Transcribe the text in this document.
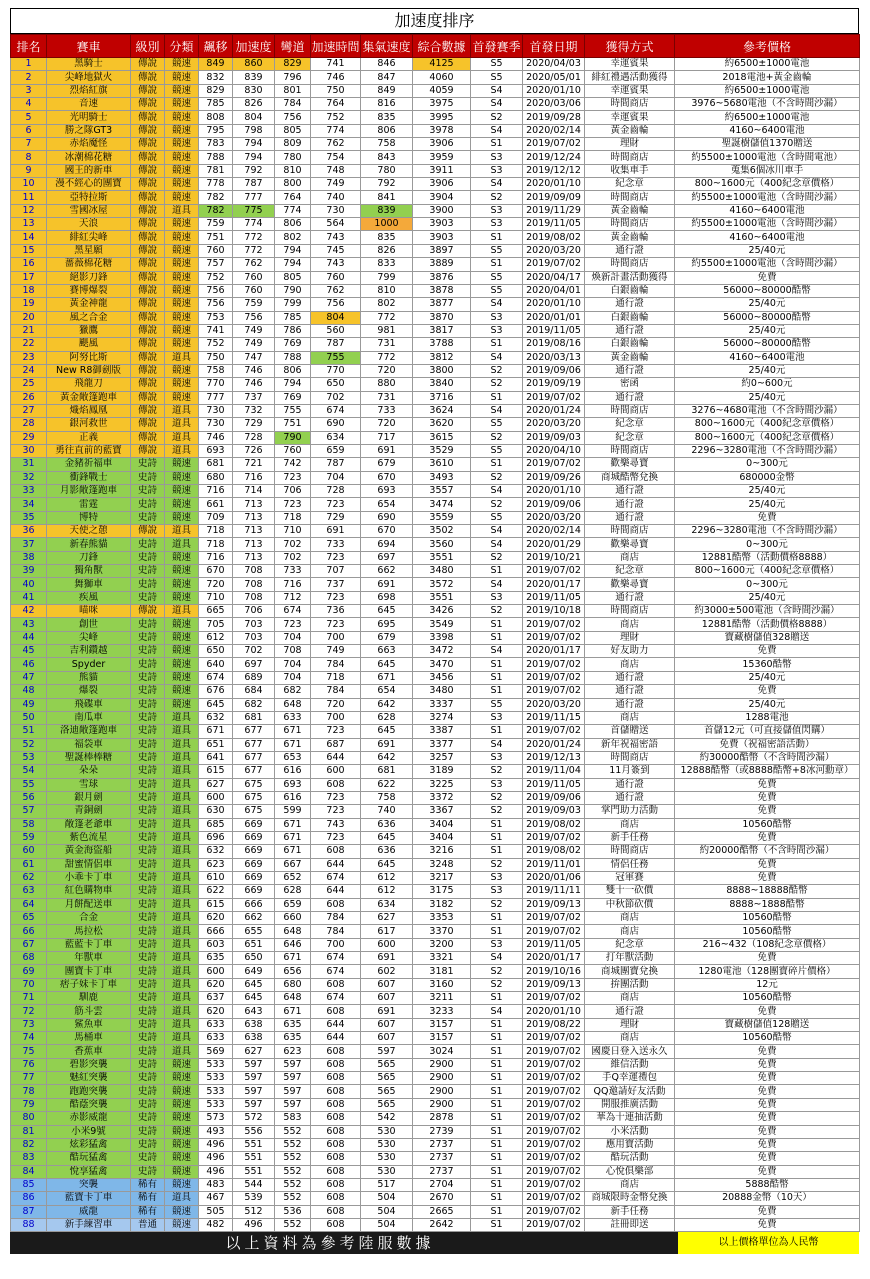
加速度排序
排名	賽車	級別	分類	飆移	加速度	彎道	加速時間	集氣速度	綜合數據	首發賽季	首發日期	獲得方式	參考價格
1	黑騎士	傳說	競速	849	860	829	741	846	4125	S5	2020/04/03	幸運賓果	約6500±1000電池
2	尖峰地獄火	傳說	競速	832	839	796	746	847	4060	S5	2020/05/01	緋紅禮遇活動獲得	2018電池+黃金齒輪
3	烈焰紅旗	傳說	競速	829	830	801	750	849	4059	S4	2020/01/10	幸運賓果	約6500±1000電池
4	音速	傳說	競速	785	826	784	764	816	3975	S4	2020/03/06	時間商店	3976~5680電池（不含時間沙漏）
5	光明騎士	傳說	競速	808	804	756	752	835	3995	S2	2019/09/28	幸運賓果	約6500±1000電池
6	勝之隊GT3	傳說	競速	795	798	805	774	806	3978	S4	2020/02/14	黃金齒輪	4160~6400電池
7	赤焰魔怪	傳說	競速	783	794	809	762	758	3906	S1	2019/07/02	理財	聖誕樹儲值1370贈送
8	冰潮棉花糖	傳說	競速	788	794	780	754	843	3959	S3	2019/12/24	時間商店	約5500±1000電池（含時間電池）
9	國王的新車	傳說	競速	781	792	810	748	780	3911	S3	2019/12/12	收集車手	蒐集6個冰川車手
10	漫不經心的團寶	傳說	競速	778	787	800	749	792	3906	S4	2020/01/10	紀念章	800~1600元（400紀念章價格）
11	亞特拉斯	傳說	競速	782	777	764	740	841	3904	S2	2019/09/09	時間商店	約5500±1000電池（含時間沙漏）
12	雪國冰屋	傳說	道具	782	775	774	730	839	3900	S3	2019/11/29	黃金齒輪	4160~6400電池
13	天浪	傳說	競速	759	774	806	564	1000	3903	S3	2019/11/05	時間商店	約5500±1000電池（含時間沙漏）
14	緋紅尖峰	傳說	競速	751	772	802	743	835	3903	S1	2019/08/02	黃金齒輪	4160~6400電池
15	黑星願	傳說	競速	760	772	794	745	826	3897	S5	2020/03/20	通行證	25/40元
16	薔薇棉花糖	傳說	競速	757	762	794	743	833	3889	S1	2019/07/02	時間商店	約5500±1000電池（含時間沙漏）
17	絕影刀鋒	傳說	競速	752	760	805	760	799	3876	S5	2020/04/17	煥新計畫活動獲得	免費
18	賽博爆裂	傳說	競速	756	760	790	762	810	3878	S5	2020/04/01	白銀齒輪	56000~80000酷幣
19	黃金神龍	傳說	競速	756	759	799	756	802	3877	S4	2020/01/10	通行證	25/40元
20	風之合金	傳說	競速	753	756	785	804	772	3870	S3	2020/01/01	白銀齒輪	56000~80000酷幣
21	獵鷹	傳說	競速	741	749	786	560	981	3817	S3	2019/11/05	通行證	25/40元
22	颶風	傳說	競速	752	749	769	787	731	3788	S1	2019/08/16	白銀齒輪	56000~80000酷幣
23	阿努比斯	傳說	道具	750	747	788	755	772	3812	S4	2020/03/13	黃金齒輪	4160~6400電池
24	New R8御劍版	傳說	競速	758	746	806	770	720	3800	S2	2019/09/06	通行證	25/40元
25	飛龍刀	傳說	競速	770	746	794	650	880	3840	S2	2019/09/19	密函	約0~600元
26	黃金敞篷跑車	傳說	競速	777	737	769	702	731	3716	S1	2019/07/02	通行證	25/40元
27	熾焰鳳凰	傳說	道具	730	732	755	674	733	3624	S4	2020/01/24	時間商店	3276~4680電池（不含時間沙漏）
28	銀河救世	傳說	道具	730	729	751	690	720	3620	S5	2020/03/20	紀念章	800~1600元（400紀念章價格）
29	正義	傳說	道具	746	728	790	634	717	3615	S2	2019/09/03	紀念章	800~1600元（400紀念章價格）
30	勇往直前的藍寶	傳說	道具	693	726	760	659	691	3529	S5	2020/04/10	時間商店	2296~3280電池（不含時間沙漏）
31	金豬祈福車	史詩	競速	681	721	742	787	679	3610	S1	2019/07/02	歡樂尋寶	0~300元
32	衝鋒戰士	史詩	競速	680	716	723	704	670	3493	S2	2019/09/26	商城酷幣兌換	680000金幣
33	月影敞篷跑車	史詩	競速	716	714	706	728	693	3557	S4	2020/01/10	通行證	25/40元
34	雷霆	史詩	競速	661	713	723	723	654	3474	S2	2019/09/06	通行證	25/40元
35	博特	史詩	競速	709	713	718	729	690	3559	S5	2020/03/20	通行證	免費
36	天使之憩	傳說	道具	718	713	710	691	670	3502	S4	2020/02/14	時間商店	2296~3280電池（不含時間沙漏）
37	新春熊貓	史詩	道具	718	713	702	733	694	3560	S4	2020/01/29	歡樂尋寶	0~300元
38	刀鋒	史詩	競速	716	713	702	723	697	3551	S2	2019/10/21	商店	12881酷幣（活動價格8888）
39	獨角獸	史詩	競速	670	708	733	707	662	3480	S1	2019/07/02	紀念章	800~1600元（400紀念章價格）
40	舞獅車	史詩	競速	720	708	716	737	691	3572	S4	2020/01/17	歡樂尋寶	0~300元
41	疾風	史詩	競速	710	708	712	723	698	3551	S3	2019/11/05	通行證	25/40元
42	喵咪	傳說	道具	665	706	674	736	645	3426	S2	2019/10/18	時間商店	約3000±500電池（含時間沙漏）
43	創世	史詩	競速	705	703	723	723	695	3549	S1	2019/07/02	商店	12881酷幣（活動價格8888）
44	尖峰	史詩	競速	612	703	704	700	679	3398	S1	2019/07/02	理財	寶藏樹儲值328贈送
45	吉利鑽越	史詩	競速	650	702	708	749	663	3472	S4	2020/01/17	好友助力	免費
46	Spyder	史詩	競速	640	697	704	784	645	3470	S1	2019/07/02	商店	15360酷幣
47	熊貓	史詩	競速	674	689	704	718	671	3456	S1	2019/07/02	通行證	25/40元
48	爆裂	史詩	競速	676	684	682	784	654	3480	S1	2019/07/02	通行證	免費
49	飛碟車	史詩	競速	645	682	648	720	642	3337	S5	2020/03/20	通行證	25/40元
50	南瓜車	史詩	道具	632	681	633	700	628	3274	S3	2019/11/15	商店	1288電池
51	洛迪敞篷跑車	史詩	道具	671	677	671	723	645	3387	S1	2019/07/02	首儲贈送	首儲12元（可直接儲值閃購）
52	福袋車	史詩	道具	651	677	671	687	691	3377	S4	2020/01/24	新年祝福密語	免費（祝福密語活動）
53	聖誕棒棒糖	史詩	道具	641	677	653	644	642	3257	S3	2019/12/13	時間商店	約30000酷幣（不含時間沙漏）
54	朵朵	史詩	道具	615	677	616	600	681	3189	S2	2019/11/04	11月簽到	12888酷幣（或8888酷幣+8冰河勳章）
55	雪球	史詩	道具	627	675	693	608	622	3225	S3	2019/11/05	通行證	免費
56	銀月劍	史詩	道具	600	675	616	723	758	3372	S2	2019/09/06	通行證	免費
57	青銅劍	史詩	道具	630	675	599	723	740	3367	S2	2019/09/03	掌門助力活動	免費
58	敞篷老爺車	史詩	道具	685	669	671	743	636	3404	S1	2019/08/02	商店	10560酷幣
59	紫色流星	史詩	道具	696	669	671	723	645	3404	S1	2019/07/02	新手任務	免費
60	黃金海盜船	史詩	道具	632	669	671	608	636	3216	S1	2019/08/02	時間商店	約20000酷幣（不含時間沙漏）
61	甜蜜情侶車	史詩	道具	623	669	667	644	645	3248	S2	2019/11/01	情侶任務	免費
62	小乖卡丁車	史詩	道具	610	669	652	674	612	3217	S3	2020/01/06	冠軍賽	免費
63	紅色購物車	史詩	道具	622	669	628	644	612	3175	S3	2019/11/11	雙十一砍價	8888~18888酷幣
64	月餅配送車	史詩	道具	615	666	659	608	634	3182	S2	2019/09/13	中秋節砍價	8888~1888酷幣
65	合金	史詩	道具	620	662	660	784	627	3353	S1	2019/07/02	商店	10560酷幣
66	馬拉松	史詩	道具	666	655	648	784	617	3370	S1	2019/07/02	商店	10560酷幣
67	藍藍卡丁車	史詩	道具	603	651	646	700	600	3200	S3	2019/11/05	紀念章	216~432（108紀念章價格）
68	年獸車	史詩	道具	635	650	671	674	691	3321	S4	2020/01/17	打年獸活動	免費
69	團寶卡丁車	史詩	道具	600	649	656	674	602	3181	S2	2019/10/16	商城團寶兌換	1280電池（128團寶碎片價格）
70	痞子妹卡丁車	史詩	道具	620	645	680	608	607	3160	S2	2019/09/13	拚團活動	12元
71	馴鹿	史詩	道具	637	645	648	674	607	3211	S1	2019/07/02	商店	10560酷幣
72	筋斗雲	史詩	道具	620	643	671	608	691	3233	S4	2020/01/10	通行證	免費
73	鯊魚車	史詩	道具	633	638	635	644	607	3157	S1	2019/08/22	理財	寶藏樹儲值128贈送
74	馬桶車	史詩	道具	633	638	635	644	607	3157	S1	2019/07/02	商店	10560酷幣
75	香蕉車	史詩	道具	569	627	623	608	597	3024	S1	2019/07/02	國慶日登入送永久	免費
76	碧影突襲	史詩	競速	533	597	597	608	565	2900	S1	2019/07/02	維信活動	免費
77	魅紅突襲	史詩	競速	533	597	597	608	565	2900	S1	2019/07/02	手Q幸運禮包	免費
78	跑跑突襲	史詩	競速	533	597	597	608	565	2900	S1	2019/07/02	QQ邀請好友活動	免費
79	酷蔭突襲	史詩	競速	533	597	597	608	565	2900	S1	2019/07/02	開服推廣活動	免費
80	赤影威龍	史詩	競速	573	572	583	608	542	2878	S1	2019/07/02	華為十連抽活動	免費
81	小米9號	史詩	競速	493	556	552	608	530	2739	S1	2019/07/02	小米活動	免費
82	炫彩猛禽	史詩	競速	496	551	552	608	530	2737	S1	2019/07/02	應用寶活動	免費
83	酷玩猛禽	史詩	競速	496	551	552	608	530	2737	S1	2019/07/02	酷玩活動	免費
84	悅享猛禽	史詩	競速	496	551	552	608	530	2737	S1	2019/07/02	心悅俱樂部	免費
85	突襲	稀有	競速	483	544	552	608	517	2704	S1	2019/07/02	商店	5888酷幣
86	藍寶卡丁車	稀有	道具	467	539	552	608	504	2670	S1	2019/07/02	商城限時金幣兌換	20888金幣（10天）
87	威龍	稀有	競速	505	512	536	608	504	2665	S1	2019/07/02	新手任務	免費
88	新手練習車	普通	競速	482	496	552	608	504	2642	S1	2019/07/02	註冊即送	免費
以上資料為參考陸服數據	以上價格單位為人民幣
